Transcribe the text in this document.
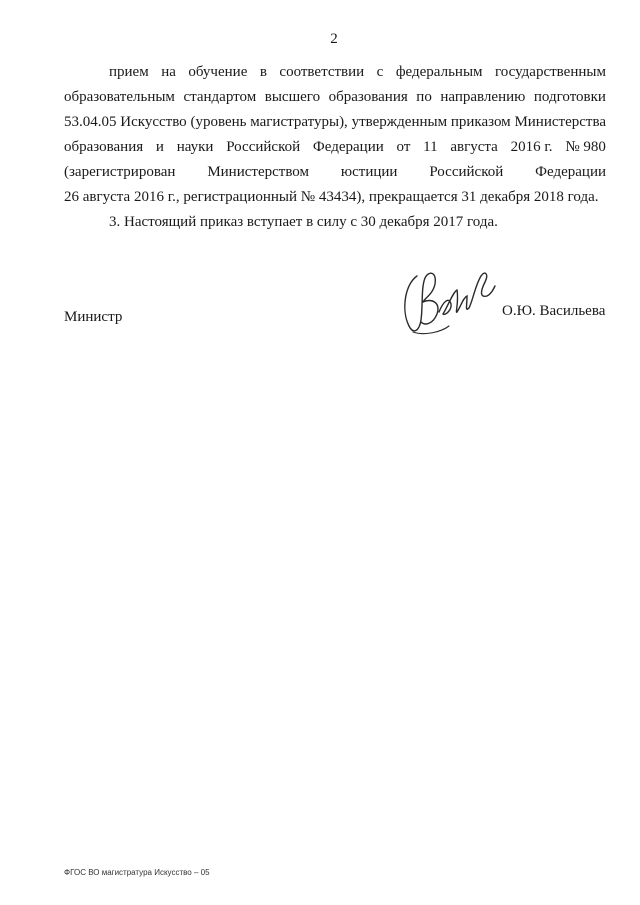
2
прием на обучение в соответствии с федеральным государственным
образовательным стандартом высшего образования по направлению подготовки
53.04.05 Искусство (уровень магистратуры), утвержденным приказом Министерства
образования и науки Российской Федерации от 11 августа 2016 г. № 980
(зарегистрирован Министерством юстиции Российской Федерации
26 августа 2016 г., регистрационный № 43434), прекращается 31 декабря 2018 года.
3. Настоящий приказ вступает в силу с 30 декабря 2017 года.
Министр	О.Ю. Васильева
ФГОС ВО магистратура Искусство – 05
